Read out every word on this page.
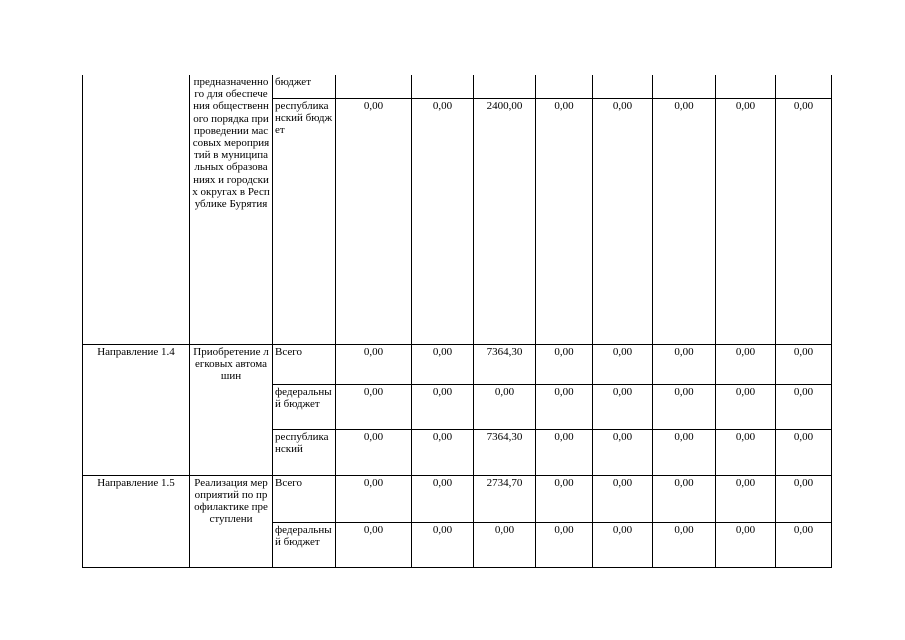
	предназначенного для обеспечения общественного порядка при проведении массовых мероприятий в муниципальных образованиях и городских округах в Республике Бурятия	бюджет								
		республиканский бюджет	0,00	0,00	2400,00	0,00	0,00	0,00	0,00	0,00
Направление 1.4	Приобретение легковых автомашин	Всего	0,00	0,00	7364,30	0,00	0,00	0,00	0,00	0,00
		федеральный бюджет	0,00	0,00	0,00	0,00	0,00	0,00	0,00	0,00
		республиканский	0,00	0,00	7364,30	0,00	0,00	0,00	0,00	0,00
Направление 1.5	Реализация мероприятий по профилактике преступлени	Всего	0,00	0,00	2734,70	0,00	0,00	0,00	0,00	0,00
		федеральный бюджет	0,00	0,00	0,00	0,00	0,00	0,00	0,00	0,00
